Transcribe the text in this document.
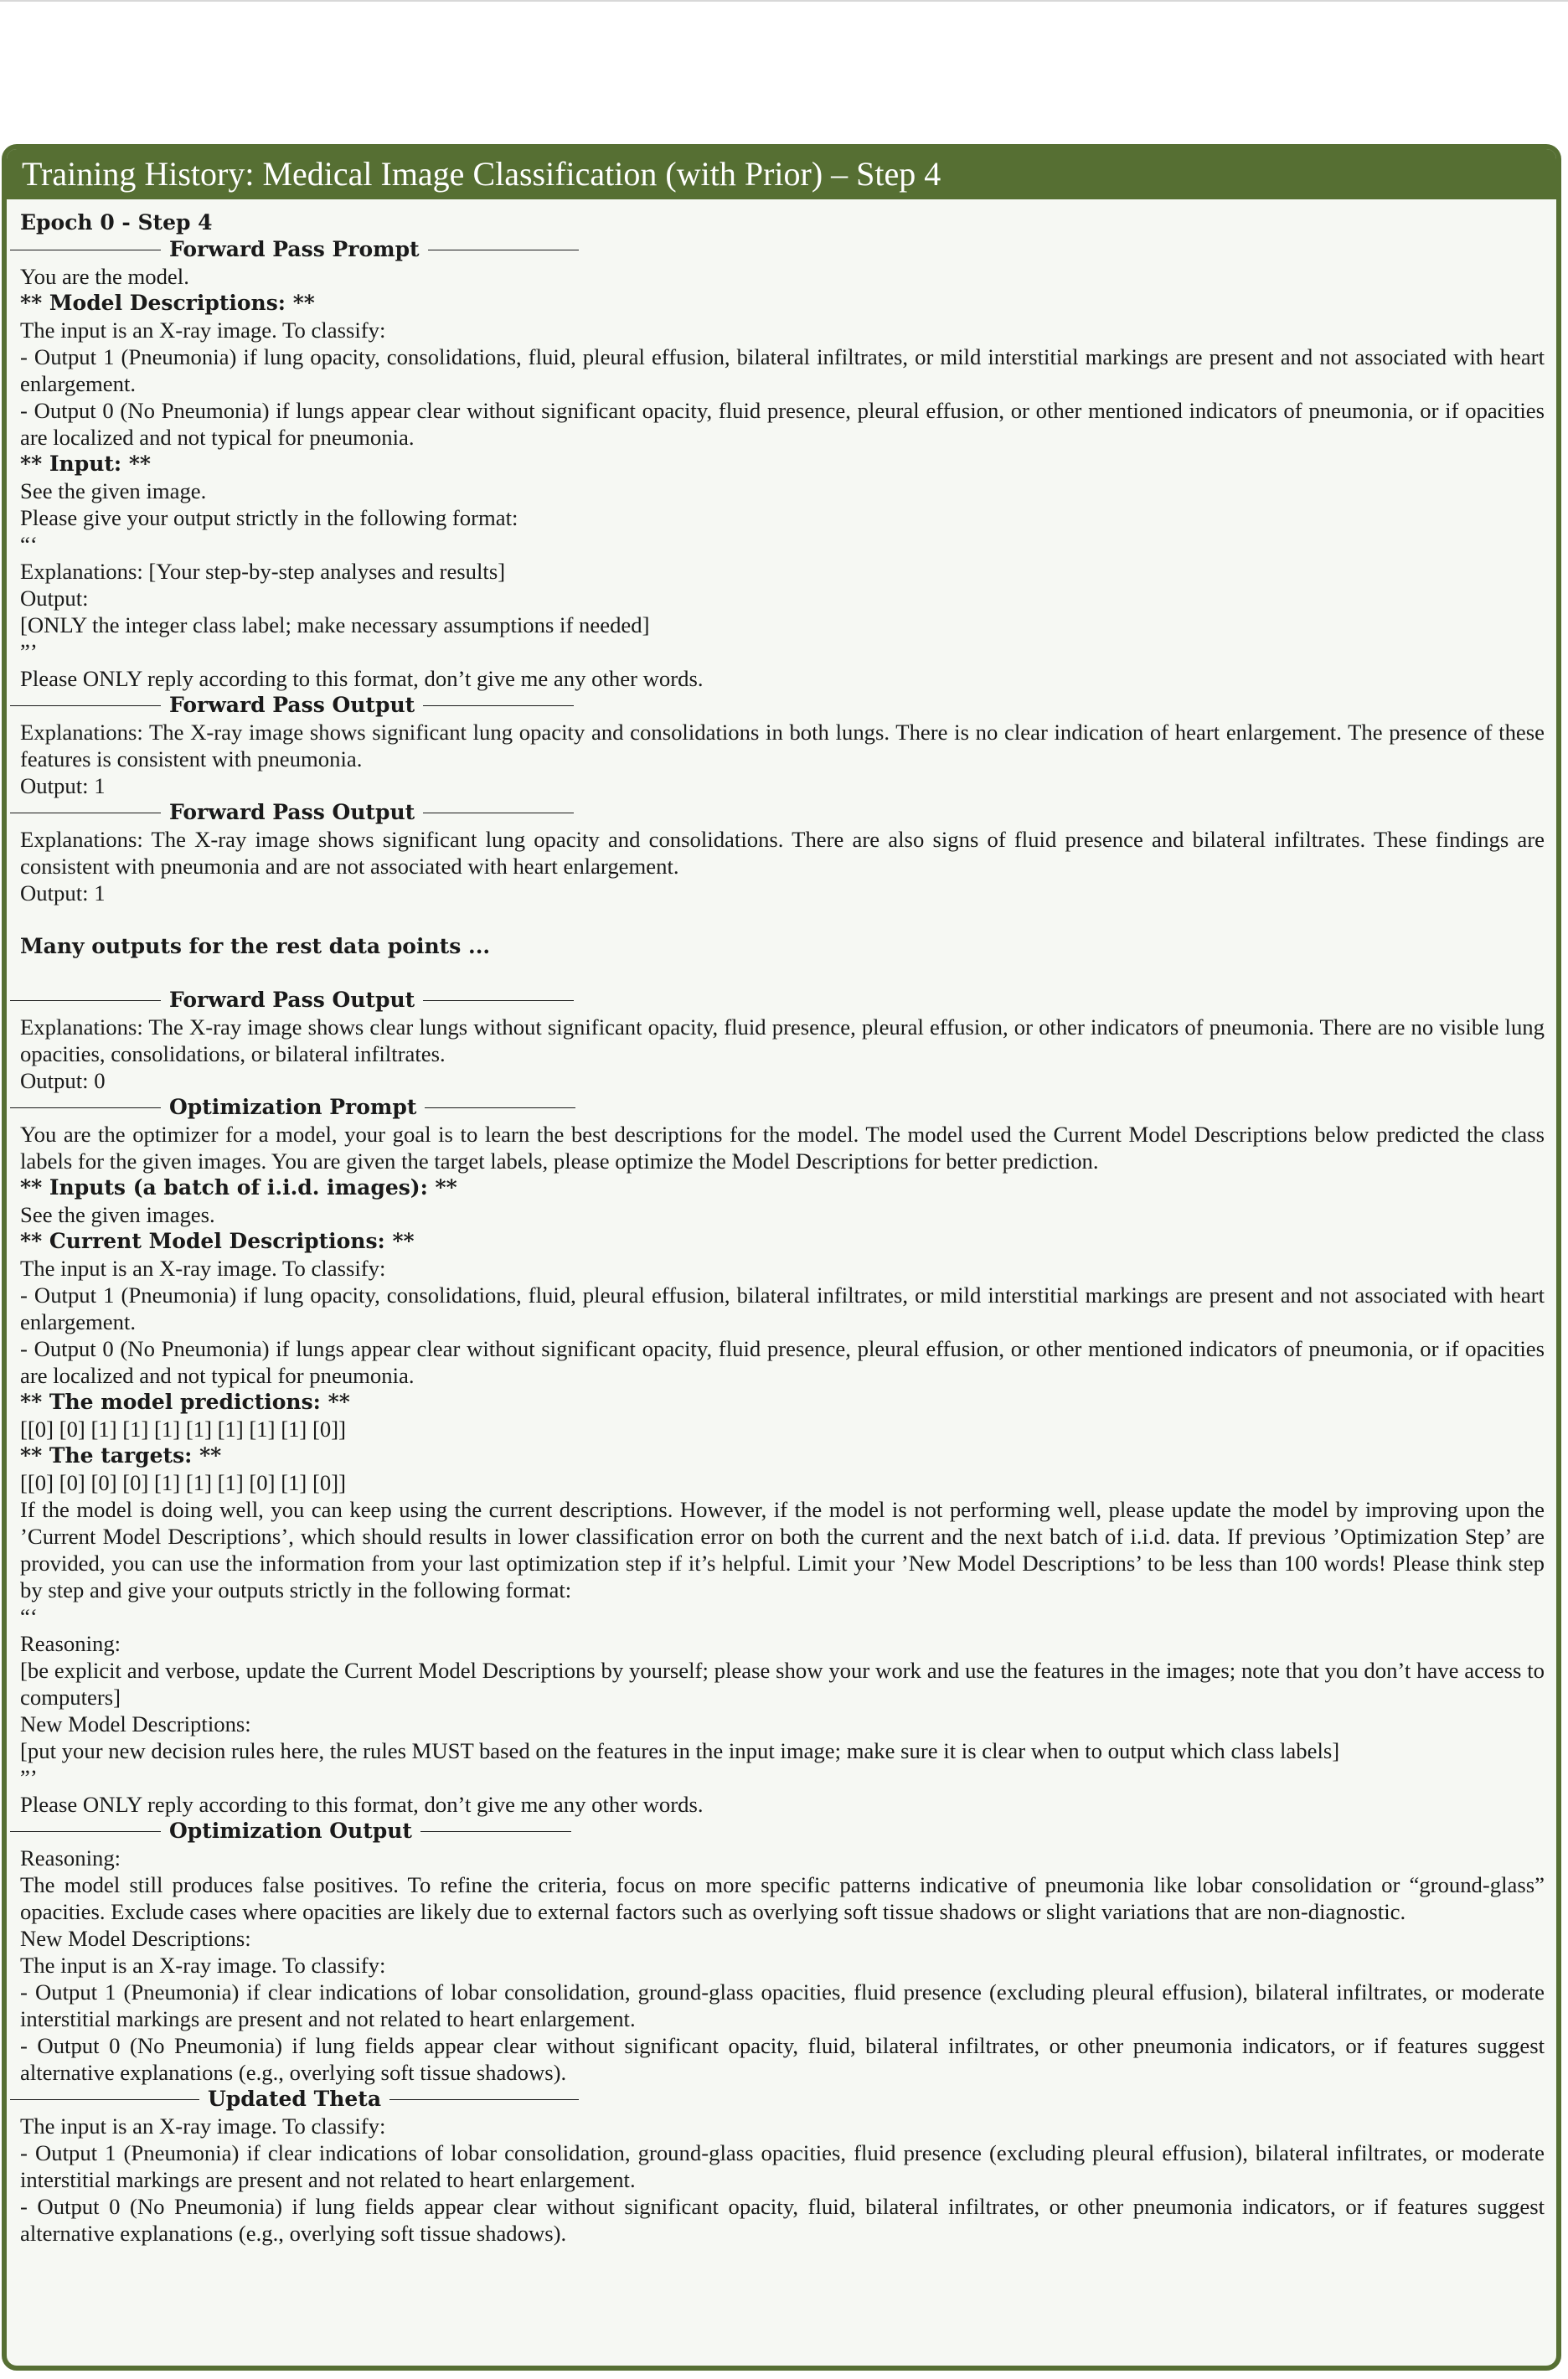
Training History: Medical Image Classification (with Prior) – Step 4

Epoch 0 - Step 4

Forward Pass Prompt

You are the model.

** Model Descriptions: **

The input is an X-ray image. To classify:

- Output 1 (Pneumonia) if lung opacity, consolidations, fluid, pleural effusion, bilateral infiltrates, or mild interstitial markings are present and not associated with heart enlargement.

- Output 0 (No Pneumonia) if lungs appear clear without significant opacity, fluid presence, pleural effusion, or other mentioned indicators of pneumonia, or if opacities are localized and not typical for pneumonia.

** Input: **

See the given image.

Please give your output strictly in the following format:

“‘

Explanations: [Your step-by-step analyses and results]

Output:

[ONLY the integer class label; make necessary assumptions if needed]

”’

Please ONLY reply according to this format, don’t give me any other words.

Forward Pass Output

Explanations: The X-ray image shows significant lung opacity and consolidations in both lungs. There is no clear indication of heart enlargement. The presence of these features is consistent with pneumonia.

Output: 1

Forward Pass Output

Explanations: The X-ray image shows significant lung opacity and consolidations. There are also signs of fluid presence and bilateral infiltrates. These findings are consistent with pneumonia and are not associated with heart enlargement.

Output: 1

Many outputs for the rest data points ...

Forward Pass Output

Explanations: The X-ray image shows clear lungs without significant opacity, fluid presence, pleural effusion, or other indicators of pneumonia. There are no visible lung opacities, consolidations, or bilateral infiltrates.

Output: 0

Optimization Prompt

You are the optimizer for a model, your goal is to learn the best descriptions for the model. The model used the Current Model Descriptions below predicted the class labels for the given images. You are given the target labels, please optimize the Model Descriptions for better prediction.

** Inputs (a batch of i.i.d. images): **

See the given images.

** Current Model Descriptions: **

The input is an X-ray image. To classify:

- Output 1 (Pneumonia) if lung opacity, consolidations, fluid, pleural effusion, bilateral infiltrates, or mild interstitial markings are present and not associated with heart enlargement.

- Output 0 (No Pneumonia) if lungs appear clear without significant opacity, fluid presence, pleural effusion, or other mentioned indicators of pneumonia, or if opacities are localized and not typical for pneumonia.

** The model predictions: **

[[0] [0] [1] [1] [1] [1] [1] [1] [1] [0]]

** The targets: **

[[0] [0] [0] [0] [1] [1] [1] [0] [1] [0]]

If the model is doing well, you can keep using the current descriptions. However, if the model is not performing well, please update the model by improving upon the ’Current Model Descriptions’, which should results in lower classification error on both the current and the next batch of i.i.d. data. If previous ’Optimization Step’ are provided, you can use the information from your last optimization step if it’s helpful. Limit your ’New Model Descriptions’ to be less than 100 words! Please think step by step and give your outputs strictly in the following format:

“‘

Reasoning:

[be explicit and verbose, update the Current Model Descriptions by yourself; please show your work and use the features in the images; note that you don’t have access to computers]

New Model Descriptions:

[put your new decision rules here, the rules MUST based on the features in the input image; make sure it is clear when to output which class labels]

”’

Please ONLY reply according to this format, don’t give me any other words.

Optimization Output

Reasoning:

The model still produces false positives. To refine the criteria, focus on more specific patterns indicative of pneumonia like lobar consolidation or “ground-glass” opacities. Exclude cases where opacities are likely due to external factors such as overlying soft tissue shadows or slight variations that are non-diagnostic.

New Model Descriptions:

The input is an X-ray image. To classify:

- Output 1 (Pneumonia) if clear indications of lobar consolidation, ground-glass opacities, fluid presence (excluding pleural effusion), bilateral infiltrates, or moderate interstitial markings are present and not related to heart enlargement.

- Output 0 (No Pneumonia) if lung fields appear clear without significant opacity, fluid, bilateral infiltrates, or other pneumonia indicators, or if features suggest alternative explanations (e.g., overlying soft tissue shadows).

Updated Theta

The input is an X-ray image. To classify:

- Output 1 (Pneumonia) if clear indications of lobar consolidation, ground-glass opacities, fluid presence (excluding pleural effusion), bilateral infiltrates, or moderate interstitial markings are present and not related to heart enlargement.

- Output 0 (No Pneumonia) if lung fields appear clear without significant opacity, fluid, bilateral infiltrates, or other pneumonia indicators, or if features suggest alternative explanations (e.g., overlying soft tissue shadows).
